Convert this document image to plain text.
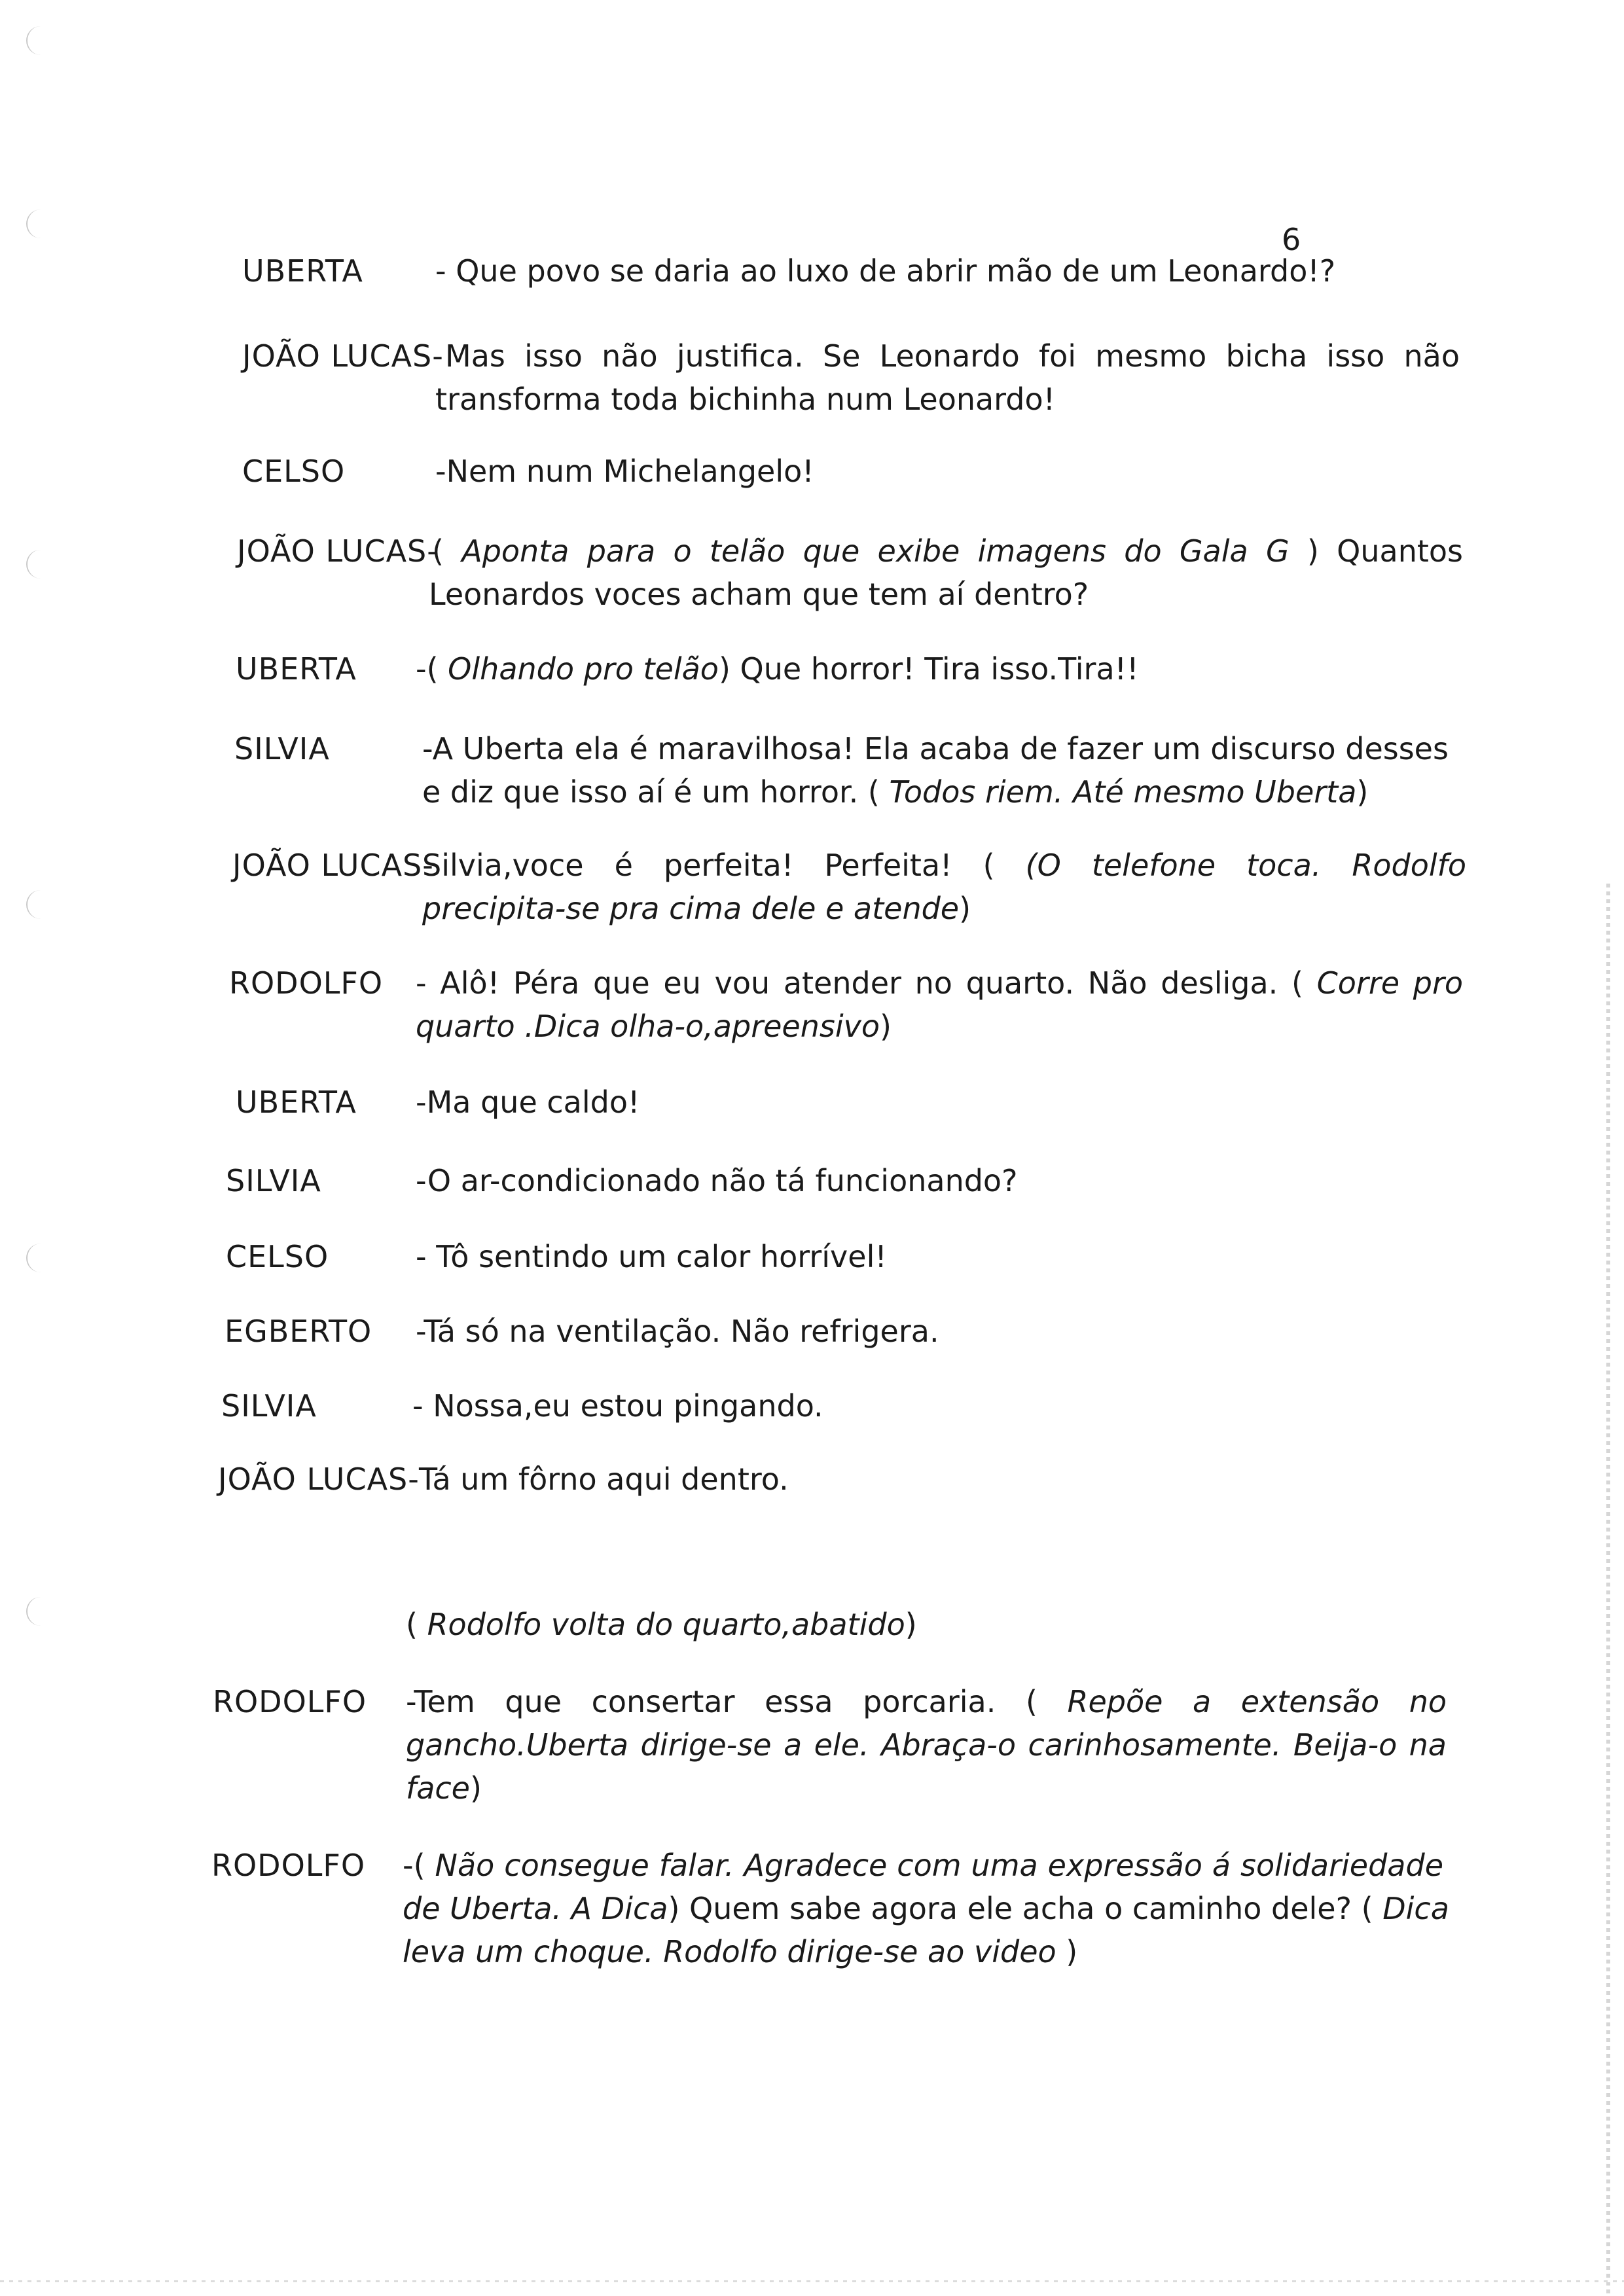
6
UBERTA - Que povo se daria ao luxo de abrir mão de um Leonardo!?
JOÃO LUCAS- Mas isso não justifica. Se Leonardo foi mesmo bicha isso não
transforma toda bichinha num Leonardo!
CELSO	-Nem num Michelangelo!
JOÃO LUCAS-
( Aponta para o telão que exibe imagens do Gala G ) Quantos
Leonardos voces acham que tem aí dentro?
UBERTA -( Olhando pro telão) Que horror! Tira isso.Tira!!
SILVIA	-A Uberta ela é maravilhosa! Ela acaba de fazer um discurso desses
e diz que isso aí é um horror. ( Todos riem. Até mesmo Uberta)
JOÃO LUCAS-
Silvia,voce é perfeita! Perfeita! ( (O telefone toca. Rodolfo
precipita-se pra cima dele e atende)
RODOLFO - Alô! Péra que eu vou atender no quarto. Não desliga. ( Corre pro
quarto .Dica olha-o,apreensivo)
UBERTA -Ma que caldo!
SILVIA	-O ar-condicionado não tá funcionando?
CELSO	- Tô sentindo um calor horrível!
EGBERTO -Tá só na ventilação. Não refrigera.
SILVIA	- Nossa,eu estou pingando.
JOÃO LUCAS- Tá um fôrno aqui dentro.
( Rodolfo volta do quarto,abatido)
RODOLFO -Tem que consertar essa porcaria. ( Repõe a extensão no
gancho.Uberta dirige-se a ele. Abraça-o carinhosamente. Beija-o na
face)
RODOLFO -( Não consegue falar. Agradece com uma expressão á solidariedade
de Uberta. A Dica) Quem sabe agora ele acha o caminho dele? ( Dica
leva um choque. Rodolfo dirige-se ao video )
